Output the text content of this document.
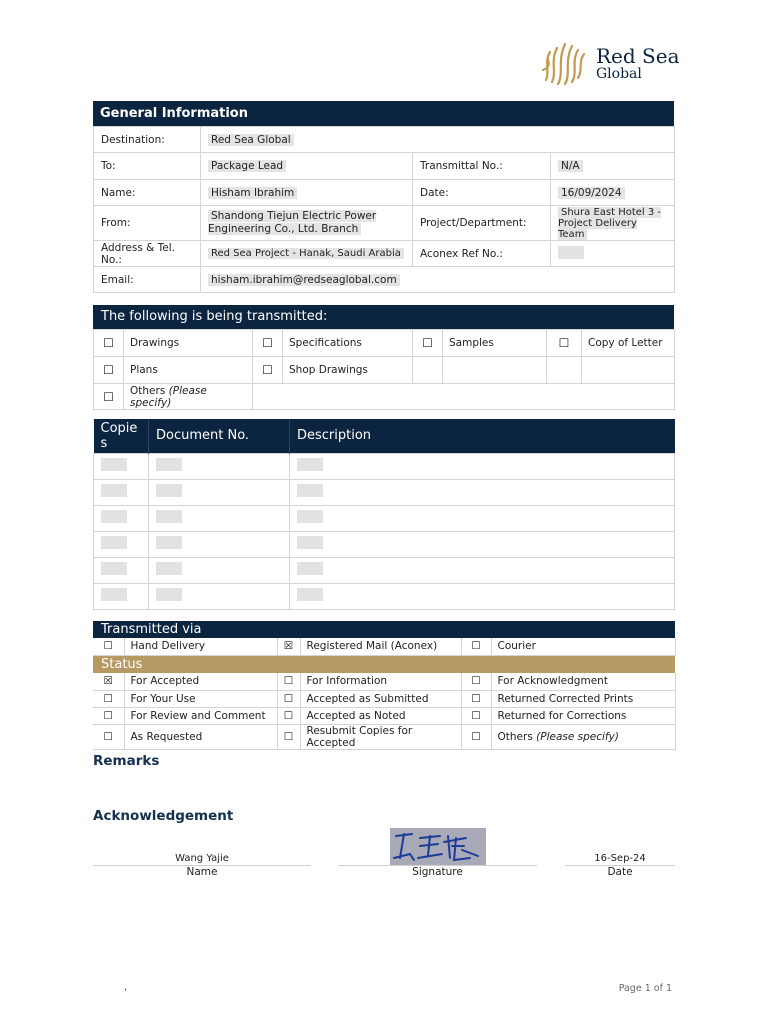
Red Sea
Global
General Information
Destination:	Red Sea Global		
To:	Package Lead	Transmittal No.:	N/A
Name:	Hisham Ibrahim	Date:	16/09/2024
From:	Shandong Tiejun Electric Power Engineering Co., Ltd. Branch	Project/Department:	Shura East Hotel 3 - Project Delivery Team
Address & Tel. No.:	Red Sea Project - Hanak, Saudi Arabia	Aconex Ref No.:	
Email:	hisham.ibrahim@redseaglobal.com		
The following is being transmitted:
☐	Drawings	☐	Specifications	☐	Samples	☐	Copy of Letter
☐	Plans	☐	Shop Drawings				
☐	Others (Please specify)						
Copies	Document No.	Description

Transmitted via
☐	Hand Delivery	☒	Registered Mail (Aconex)	☐	Courier
Status
☒	For Accepted	☐	For Information	☐	For Acknowledgment
☐	For Your Use	☐	Accepted as Submitted	☐	Returned Corrected Prints
☐	For Review and Comment	☐	Accepted as Noted	☐	Returned for Corrections
☐	As Requested	☐	Resubmit Copies for Accepted	☐	Others (Please specify)
Remarks
Acknowledgement
Wang Yajie
Name	Signature
16-Sep-24
Date
,	Page 1 of 1
